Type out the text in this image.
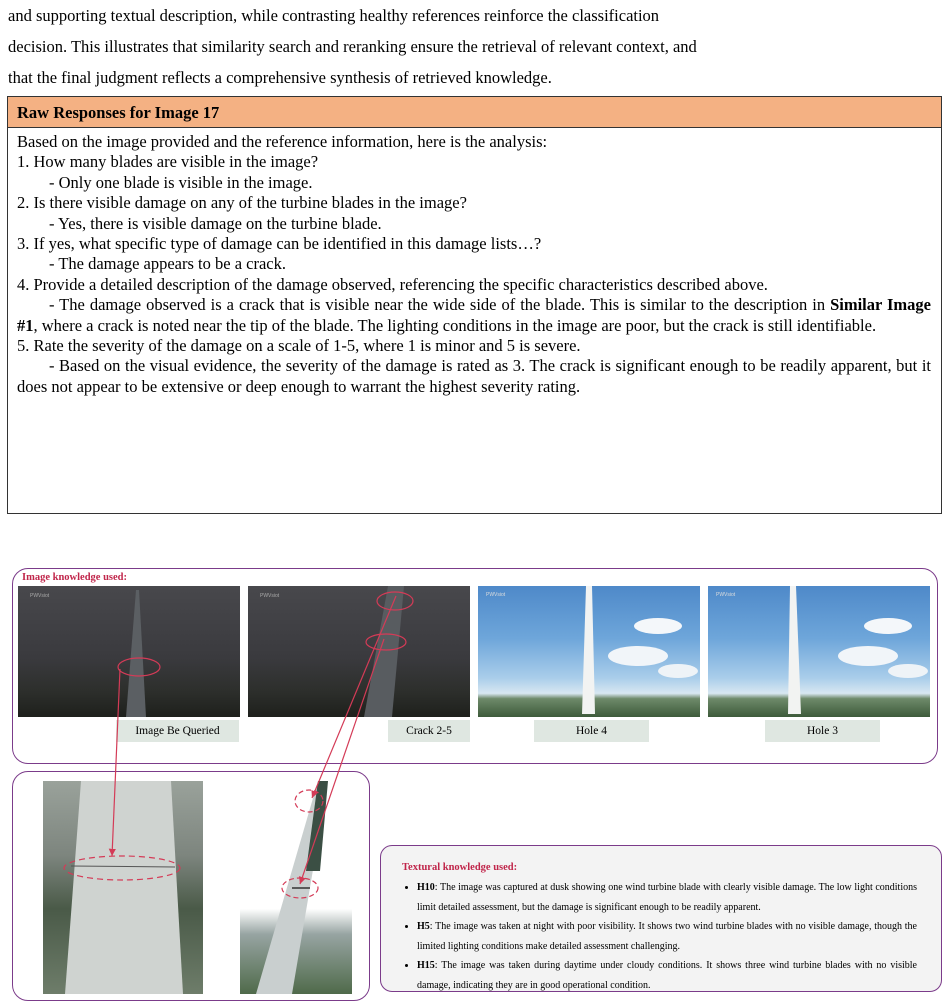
and supporting textual description, while contrasting healthy references reinforce the classification
decision. This illustrates that similarity search and reranking ensure the retrieval of relevant context, and
that the final judgment reflects a comprehensive synthesis of retrieved knowledge.
Raw Responses for Image 17

Based on the image provided and the reference information, here is the analysis:

1. How many blades are visible in the image?

- Only one blade is visible in the image.

2. Is there visible damage on any of the turbine blades in the image?

- Yes, there is visible damage on the turbine blade.

3. If yes, what specific type of damage can be identified in this damage lists…?

- The damage appears to be a crack.

4. Provide a detailed description of the damage observed, referencing the specific characteristics described above.

- The damage observed is a crack that is visible near the wide side of the blade. This is similar to the description in Similar Image #1, where a crack is noted near the tip of the blade. The lighting conditions in the image are poor, but the crack is still identifiable.

5. Rate the severity of the damage on a scale of 1-5, where 1 is minor and 5 is severe.

- Based on the visual evidence, the severity of the damage is rated as 3. The crack is significant enough to be readily apparent, but it does not appear to be extensive or deep enough to warrant the highest severity rating.

Image knowledge used:
PWVsiot	PWVsiot	PWVsiot	PWVsiot
Image Be Queried	Crack 2-5	Hole 4	Hole 3
Textural knowledge used:
• H10: The image was captured at dusk showing one wind turbine blade with clearly visible damage. The low light conditions limit detailed assessment, but the damage is significant enough to be readily apparent.
• H5: The image was taken at night with poor visibility. It shows two wind turbine blades with no visible damage, though the limited lighting conditions make detailed assessment challenging.
• H15: The image was taken during daytime under cloudy conditions. It shows three wind turbine blades with no visible damage, indicating they are in good operational condition.
